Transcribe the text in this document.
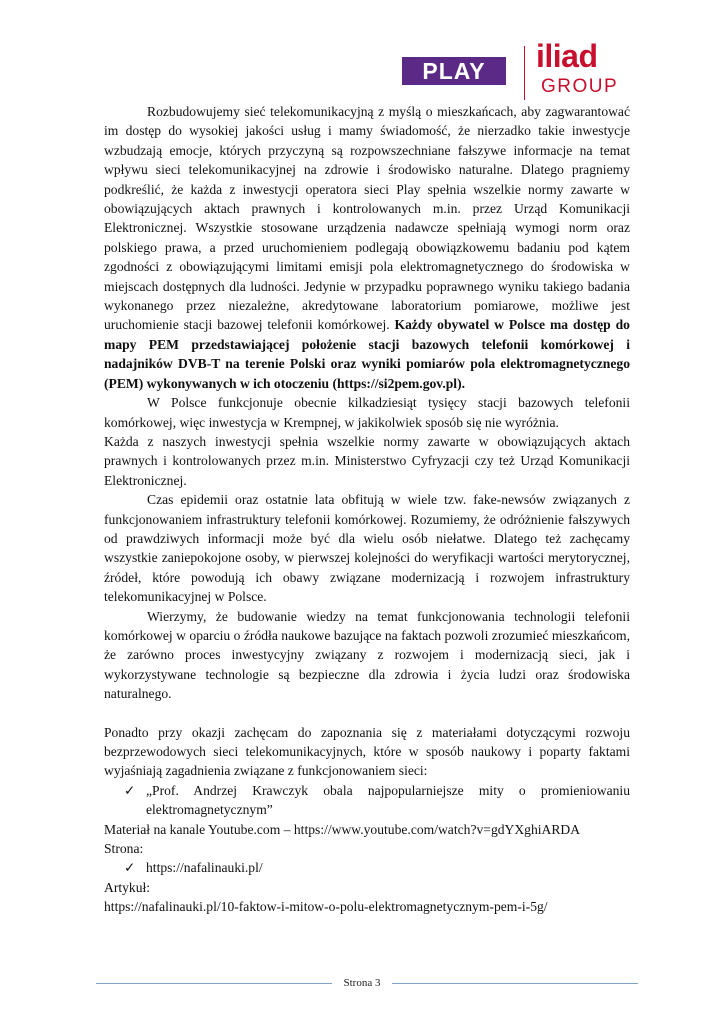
PLAY	iliad
GROUP

Rozbudowujemy sieć telekomunikacyjną z myślą o mieszkańcach, aby zagwarantować im dostęp do wysokiej jakości usług i mamy świadomość, że nierzadko takie inwestycje wzbudzają emocje, których przyczyną są rozpowszechniane fałszywe informacje na temat wpływu sieci telekomunikacyjnej na zdrowie i środowisko naturalne. Dlatego pragniemy podkreślić, że każda z inwestycji operatora sieci Play spełnia wszelkie normy zawarte w obowiązujących aktach prawnych i kontrolowanych m.in. przez Urząd Komunikacji Elektronicznej. Wszystkie stosowane urządzenia nadawcze spełniają wymogi norm oraz polskiego prawa, a przed uruchomieniem podlegają obowiązkowemu badaniu pod kątem zgodności z obowiązującymi limitami emisji pola elektromagnetycznego do środowiska w miejscach dostępnych dla ludności. Jedynie w przypadku poprawnego wyniku takiego badania wykonanego przez niezależne, akredytowane laboratorium pomiarowe, możliwe jest uruchomienie stacji bazowej telefonii komórkowej. Każdy obywatel w Polsce ma dostęp do mapy PEM przedstawiającej położenie stacji bazowych telefonii komórkowej i nadajników DVB-T na terenie Polski oraz wyniki pomiarów pola elektromagnetycznego (PEM) wykonywanych w ich otoczeniu (https://si2pem.gov.pl).

W Polsce funkcjonuje obecnie kilkadziesiąt tysięcy stacji bazowych telefonii komórkowej, więc inwestycja w Krempnej, w jakikolwiek sposób się nie wyróżnia.

Każda z naszych inwestycji spełnia wszelkie normy zawarte w obowiązujących aktach prawnych i kontrolowanych przez m.in. Ministerstwo Cyfryzacji czy też Urząd Komunikacji Elektronicznej.

Czas epidemii oraz ostatnie lata obfitują w wiele tzw. fake-newsów związanych z funkcjonowaniem infrastruktury telefonii komórkowej. Rozumiemy, że odróżnienie fałszywych od prawdziwych informacji może być dla wielu osób niełatwe. Dlatego też zachęcamy wszystkie zaniepokojone osoby, w pierwszej kolejności do weryfikacji wartości merytorycznej, źródeł, które powodują ich obawy związane modernizacją i rozwojem infrastruktury telekomunikacyjnej w Polsce.

Wierzymy, że budowanie wiedzy na temat funkcjonowania technologii telefonii komórkowej w oparciu o źródła naukowe bazujące na faktach pozwoli zrozumieć mieszkańcom, że zarówno proces inwestycyjny związany z rozwojem i modernizacją sieci, jak i wykorzystywane technologie są bezpieczne dla zdrowia i życia ludzi oraz środowiska naturalnego.

Ponadto przy okazji zachęcam do zapoznania się z materiałami dotyczącymi rozwoju bezprzewodowych sieci telekomunikacyjnych, które w sposób naukowy i poparty faktami wyjaśniają zagadnienia związane z funkcjonowaniem sieci:

✓ „Prof. Andrzej Krawczyk obala najpopularniejsze mity o promieniowaniu elektromagnetycznym”

Materiał na kanale Youtube.com – https://www.youtube.com/watch?v=gdYXghiARDA

Strona:

✓ https://nafalinauki.pl/

Artykuł:

https://nafalinauki.pl/10-faktow-i-mitow-o-polu-elektromagnetycznym-pem-i-5g/

Strona 3
